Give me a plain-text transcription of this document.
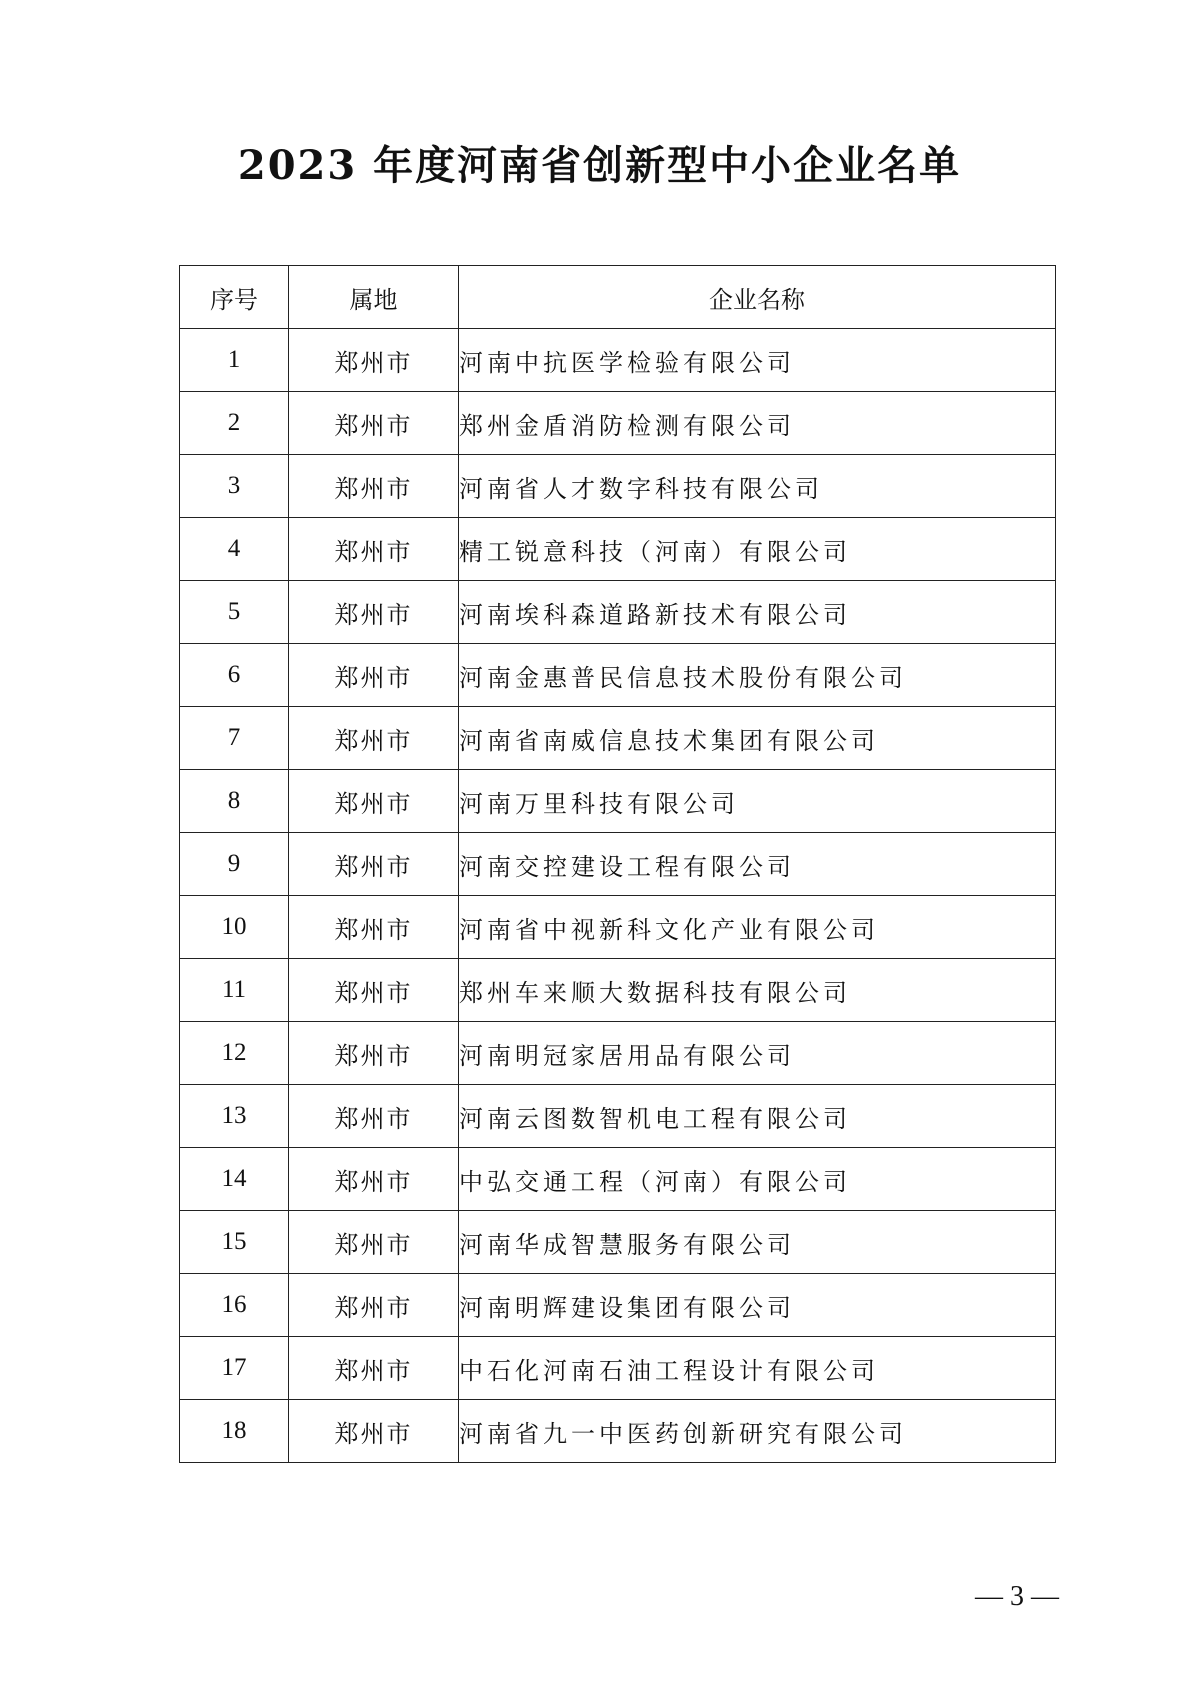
2023 年度河南省创新型中小企业名单
序号	属地	企业名称
1	郑州市	河南中抗医学检验有限公司
2	郑州市	郑州金盾消防检测有限公司
3	郑州市	河南省人才数字科技有限公司
4	郑州市	精工锐意科技（河南）有限公司
5	郑州市	河南埃科森道路新技术有限公司
6	郑州市	河南金惠普民信息技术股份有限公司
7	郑州市	河南省南威信息技术集团有限公司
8	郑州市	河南万里科技有限公司
9	郑州市	河南交控建设工程有限公司
10	郑州市	河南省中视新科文化产业有限公司
11	郑州市	郑州车来顺大数据科技有限公司
12	郑州市	河南明冠家居用品有限公司
13	郑州市	河南云图数智机电工程有限公司
14	郑州市	中弘交通工程（河南）有限公司
15	郑州市	河南华成智慧服务有限公司
16	郑州市	河南明辉建设集团有限公司
17	郑州市	中石化河南石油工程设计有限公司
18	郑州市	河南省九一中医药创新研究有限公司
— 3 —
